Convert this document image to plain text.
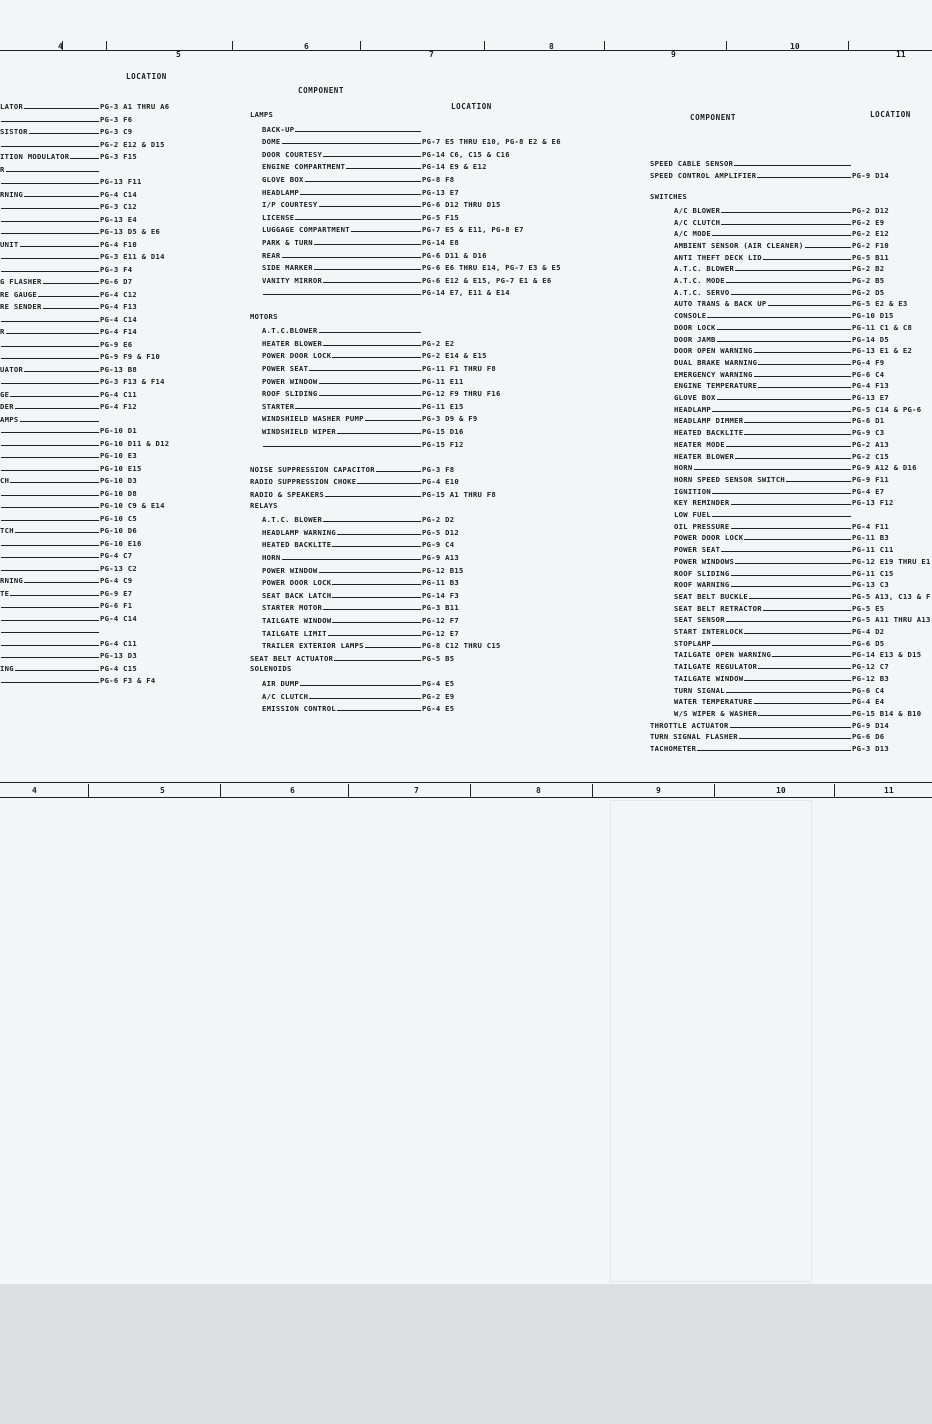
4
5
6
7
8
9
10
11
LOCATION
COMPONENT
LOCATION
COMPONENT	LOCATION
LATOR	PG-3 A1 THRU A6
PG-3 F6
SISTOR	PG-3 C9
PG-2 E12 & D15
ITION MODULATOR	PG-3 F15
R
PG-13 F11
RNING	PG-4 C14
PG-3 C12
PG-13 E4
PG-13 D5 & E6
UNIT	PG-4 F10
PG-3 E11 & D14
PG-3 F4
G FLASHER	PG-6 D7
RE GAUGE	PG-4 C12
RE SENDER	PG-4 F13
PG-4 C14
R	PG-4 F14
PG-9 E6
PG-9 F9 & F10
UATOR	PG-13 B8
PG-3 F13 & F14
GE	PG-4 C11
DER	PG-4 F12
AMPS
PG-10 D1
PG-10 D11 & D12
PG-10 E3
PG-10 E15
CH	PG-10 D3
PG-10 D8
PG-10 C9 & E14
PG-10 C5
TCH	PG-10 D6
PG-10 E16
PG-4 C7
PG-13 C2
RNING	PG-4 C9
TE	PG-9 E7
PG-6 F1
PG-4 C14
PG-4 C11
PG-13 D3
ING	PG-4 C15
PG-6 F3 & F4
LAMPS
BACK-UP
DOME	PG-7 E5 THRU E10, PG-8 E2 & E6
DOOR COURTESY	PG-14 C6, C15 & C16
ENGINE COMPARTMENT	PG-14 E9 & E12
GLOVE BOX	PG-8 F8
HEADLAMP	PG-13 E7
I/P COURTESY	PG-6 D12 THRU D15
LICENSE	PG-5 F15
LUGGAGE COMPARTMENT	PG-7 E5 & E11, PG-8 E7
PARK & TURN	PG-14 E8
REAR	PG-6 D11 & D16
SIDE MARKER	PG-6 E6 THRU E14, PG-7 E3 & E5
VANITY MIRROR	PG-6 E12 & E15, PG-7 E1 & E6
PG-14 E7, E11 & E14
MOTORS
A.T.C.BLOWER
HEATER BLOWER	PG-2 E2
POWER DOOR LOCK	PG-2 E14 & E15
POWER SEAT	PG-11 F1 THRU F8
POWER WINDOW	PG-11 E11
ROOF SLIDING	PG-12 F9 THRU F16
STARTER	PG-11 E15
WINDSHIELD WASHER PUMP	PG-3 D9 & F9
WINDSHIELD WIPER	PG-15 D16
PG-15 F12
NOISE SUPPRESSION CAPACITOR	PG-3 F8
RADIO SUPPRESSION CHOKE	PG-4 E10
RADIO & SPEAKERS	PG-15 A1 THRU F8
RELAYS
A.T.C. BLOWER	PG-2 D2
HEADLAMP WARNING	PG-5 D12
HEATED BACKLITE	PG-9 C4
HORN	PG-9 A13
POWER WINDOW	PG-12 B15
POWER DOOR LOCK	PG-11 B3
SEAT BACK LATCH	PG-14 F3
STARTER MOTOR	PG-3 B11
TAILGATE WINDOW	PG-12 F7
TAILGATE LIMIT	PG-12 E7
TRAILER EXTERIOR LAMPS	PG-8 C12 THRU C15
SEAT BELT ACTUATOR	PG-5 B5
SOLENOIDS
AIR DUMP	PG-4 E5
A/C CLUTCH	PG-2 E9
EMISSION CONTROL	PG-4 E5
SPEED CABLE SENSOR
SPEED CONTROL AMPLIFIER	PG-9 D14
SWITCHES
A/C BLOWER	PG-2 D12
A/C CLUTCH	PG-2 E9
A/C MODE	PG-2 E12
AMBIENT SENSOR (AIR CLEANER)	PG-2 F10
ANTI THEFT DECK LID	PG-5 B11
A.T.C. BLOWER	PG-2 B2
A.T.C. MODE	PG-2 B5
A.T.C. SERVO	PG-2 D5
AUTO TRANS & BACK UP	PG-5 E2 & E3
CONSOLE	PG-10 D15
DOOR LOCK	PG-11 C1 & C8
DOOR JAMB	PG-14 D5
DOOR OPEN WARNING	PG-13 E1 & E2
DUAL BRAKE WARNING	PG-4 F9
EMERGENCY WARNING	PG-6 C4
ENGINE TEMPERATURE	PG-4 F13
GLOVE BOX	PG-13 E7
HEADLAMP	PG-5 C14 & PG-6
HEADLAMP DIMMER	PG-6 D1
HEATED BACKLITE	PG-9 C3
HEATER MODE	PG-2 A13
HEATER BLOWER	PG-2 C15
HORN	PG-9 A12 & D16
HORN SPEED SENSOR SWITCH	PG-9 F11
IGNITION	PG-4 E7
KEY REMINDER	PG-13 F12
LOW FUEL
OIL PRESSURE	PG-4 F11
POWER DOOR LOCK	PG-11 B3
POWER SEAT	PG-11 C11
POWER WINDOWS	PG-12 E19 THRU E1
ROOF SLIDING	PG-11 C15
ROOF WARNING	PG-13 C3
SEAT BELT BUCKLE	PG-5 A13, C13 & F
SEAT BELT RETRACTOR	PG-5 E5
SEAT SENSOR	PG-5 A11 THRU A13
START INTERLOCK	PG-4 D2
STOPLAMP	PG-6 D5
TAILGATE OPEN WARNING	PG-14 E13 & D15
TAILGATE REGULATOR	PG-12 C7
TAILGATE WINDOW	PG-12 B3
TURN SIGNAL	PG-6 C4
WATER TEMPERATURE	PG-4 E4
W/S WIPER & WASHER	PG-15 B14 & B10
THROTTLE ACTUATOR	PG-9 D14
TURN SIGNAL FLASHER	PG-6 D6
TACHOMETER	PG-3 D13
4	5	6	7	8	9	10	11
